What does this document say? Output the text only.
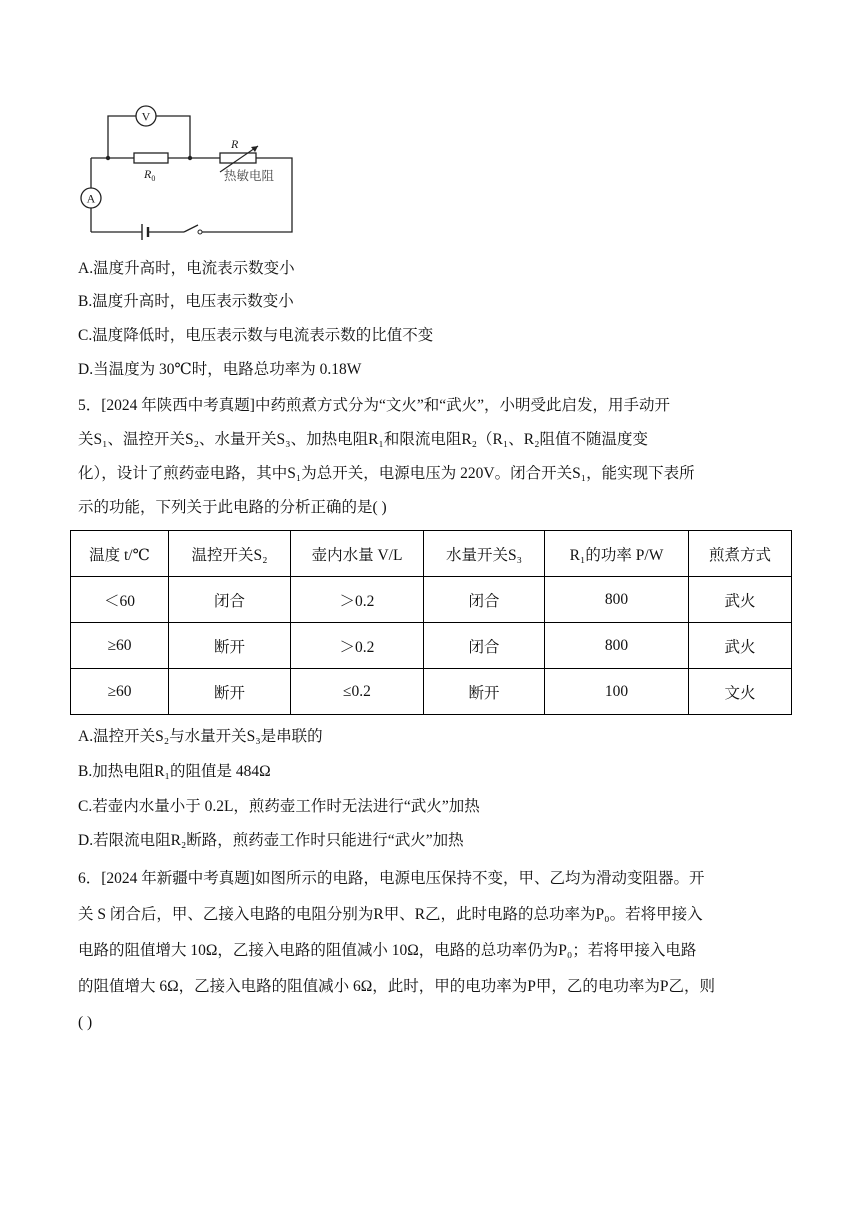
V
A
$R_0$
R
热敏电阻
A.温度升高时，电流表示数变小
B.温度升高时，电压表示数变小
C.温度降低时，电压表示数与电流表示数的比值不变
D.当温度为 30℃时，电路总功率为 0.18W
5．[2024 年陕西中考真题]中药煎煮方式分为“文火”和“武火”，小明受此启发，用手动开
关S₁、温控开关S₂、水量开关S₃、加热电阻R₁和限流电阻R₂（R₁、R₂阻值不随温度变
化），设计了煎药壶电路，其中S₁为总开关，电源电压为 220V。闭合开关S₁，能实现下表所
示的功能，下列关于此电路的分析正确的是( )
温度 t/℃	温控开关S₂	壶内水量 V/L	水量开关S₃	R₁的功率 P/W	煎煮方式
＜60	闭合	＞0.2	闭合	800	武火
≥60	断开	＞0.2	闭合	800	武火
≥60	断开	≤0.2	断开	100	文火
A.温控开关S₂与水量开关S₃是串联的
B.加热电阻R₁的阻值是 484Ω
C.若壶内水量小于 0.2L，煎药壶工作时无法进行“武火”加热
D.若限流电阻R₂断路，煎药壶工作时只能进行“武火”加热
6．[2024 年新疆中考真题]如图所示的电路，电源电压保持不变，甲、乙均为滑动变阻器。开
关 S 闭合后，甲、乙接入电路的电阻分别为R甲、R乙，此时电路的总功率为P₀。若将甲接入
电路的阻值增大 10Ω，乙接入电路的阻值减小 10Ω，电路的总功率仍为P₀；若将甲接入电路
的阻值增大 6Ω，乙接入电路的阻值减小 6Ω，此时，甲的电功率为P甲，乙的电功率为P乙，则
( )
